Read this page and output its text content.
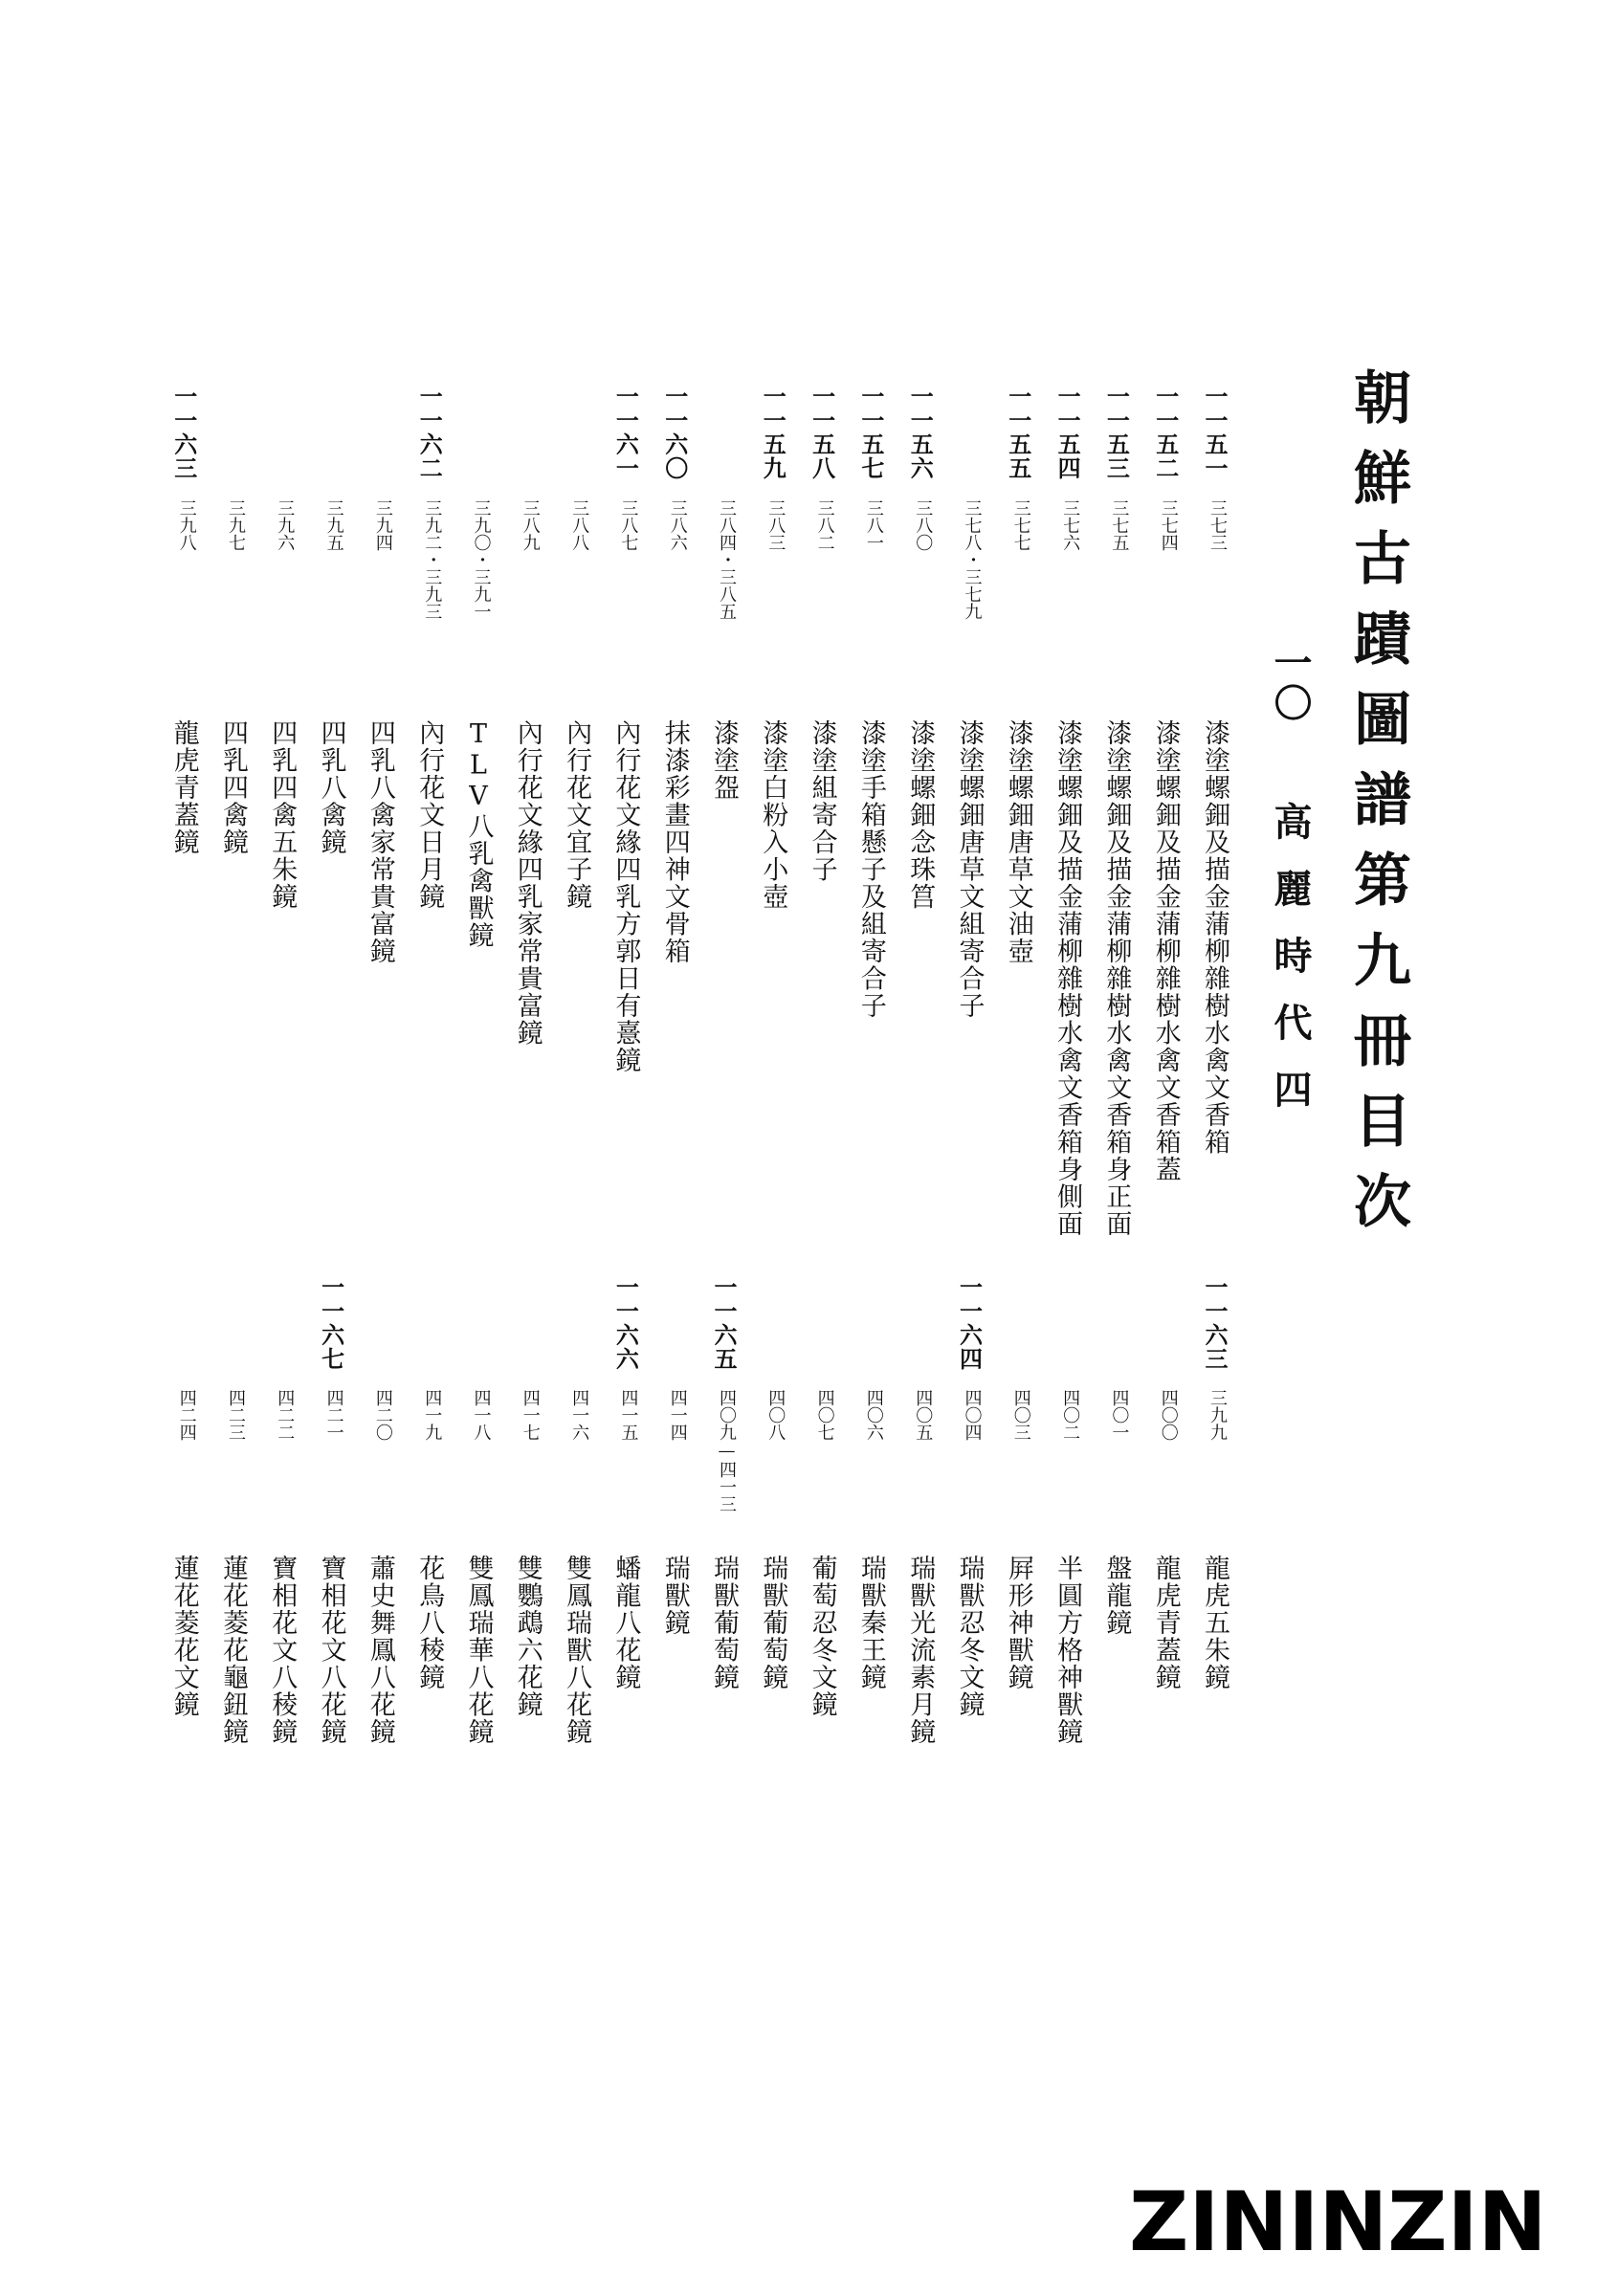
朝鮮古蹟圖譜第九冊目次
一〇
高麗時代四
一一五一
三七三
漆塗螺鈿及描金蒲柳雜樹水禽文香箱
一一五二
三七四
漆塗螺鈿及描金蒲柳雜樹水禽文香箱蓋
一一五三
三七五
漆塗螺鈿及描金蒲柳雜樹水禽文香箱身正面
一一五四
三七六
漆塗螺鈿及描金蒲柳雜樹水禽文香箱身側面
一一五五
三七七
漆塗螺鈿唐草文油壺
三七八・三七九
漆塗螺鈿唐草文組寄合子
一一五六
三八〇
漆塗螺鈿念珠筥
一一五七
三八一
漆塗手箱懸子及組寄合子
一一五八
三八二
漆塗組寄合子
一一五九
三八三
漆塗白粉入小壺
三八四・三八五
漆塗盌
一一六〇
三八六
抹漆彩畫四神文骨箱
一一六一
三八七
內行花文緣四乳方郭日有憙鏡
三八八
內行花文宜子鏡
三八九
內行花文緣四乳家常貴富鏡
三九〇・三九一
TLV八乳禽獸鏡
一一六二
三九二・三九三
內行花文日月鏡
三九四
四乳八禽家常貴富鏡
三九五
四乳八禽鏡
三九六
四乳四禽五朱鏡
三九七
四乳四禽鏡
一一六三
三九八
龍虎青蓋鏡
一一六三
三九九
龍虎五朱鏡
四〇〇
龍虎青蓋鏡
四〇一
盤龍鏡
四〇二
半圓方格神獸鏡
四〇三
屛形神獸鏡
一一六四
四〇四
瑞獸忍冬文鏡
四〇五
瑞獸光流素月鏡
四〇六
瑞獸秦王鏡
四〇七
葡萄忍冬文鏡
四〇八
瑞獸葡萄鏡
一一六五
四〇九—四一三
瑞獸葡萄鏡
四一四
瑞獸鏡
一一六六
四一五
蟠龍八花鏡
四一六
雙鳳瑞獸八花鏡
四一七
雙鸚鵡六花鏡
四一八
雙鳳瑞華八花鏡
四一九
花鳥八稜鏡
四二〇
蕭史舞鳳八花鏡
一一六七
四二一
寶相花文八花鏡
四二二
寶相花文八稜鏡
四二三
蓮花菱花龜鈕鏡
四二四
蓮花菱花文鏡
ZININZIN
